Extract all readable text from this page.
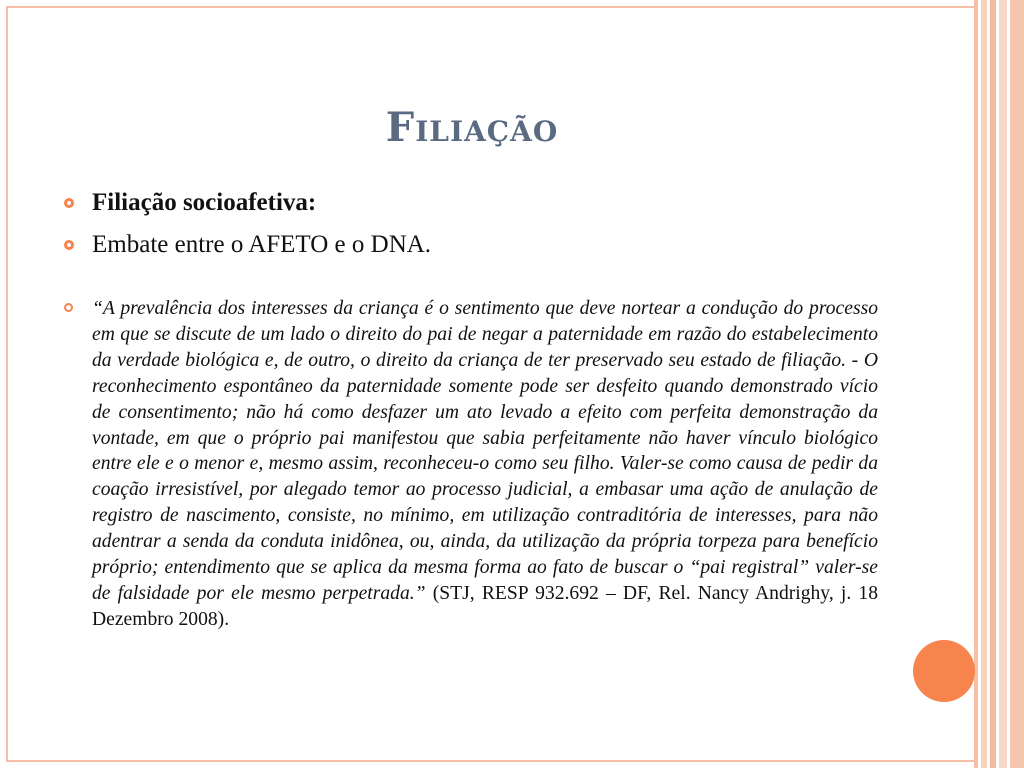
Filiação
Filiação socioafetiva:
Embate entre o AFETO e o DNA.
“A prevalência dos interesses da criança é o sentimento que deve nortear a condução do processo em que se discute de um lado o direito do pai de negar a paternidade em razão do estabelecimento da verdade biológica e, de outro, o direito da criança de ter preservado seu estado de filiação. - O reconhecimento espontâneo da paternidade somente pode ser desfeito quando demonstrado vício de consentimento; não há como desfazer um ato levado a efeito com perfeita demonstração da vontade, em que o próprio pai manifestou que sabia perfeitamente não haver vínculo biológico entre ele e o menor e, mesmo assim, reconheceu-o como seu filho. Valer-se como causa de pedir da coação irresistível, por alegado temor ao processo judicial, a embasar uma ação de anulação de registro de nascimento, consiste, no mínimo, em utilização contraditória de interesses, para não adentrar a senda da conduta inidônea, ou, ainda, da utilização da própria torpeza para benefício próprio; entendimento que se aplica da mesma forma ao fato de buscar o “pai registral” valer-se de falsidade por ele mesmo perpetrada.” (STJ, RESP 932.692 – DF, Rel. Nancy Andrighy, j. 18 Dezembro 2008).
